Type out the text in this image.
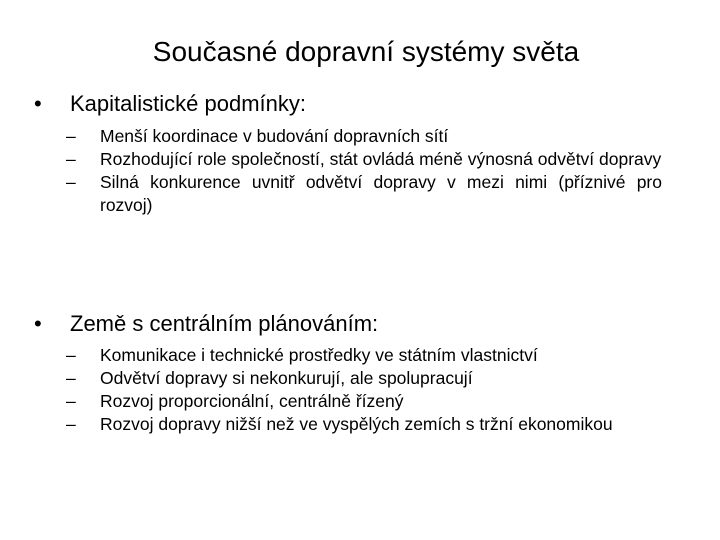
Současné dopravní systémy světa
•	Kapitalistické podmínky:
–	Menší koordinace v budování dopravních sítí
–	Rozhodující role společností, stát ovládá méně výnosná odvětví dopravy
–	Silná konkurence uvnitř odvětví dopravy v mezi nimi (příznivé pro rozvoj)
•	Země s centrálním plánováním:
–	Komunikace i technické prostředky ve státním vlastnictví
–	Odvětví dopravy si nekonkurují, ale spolupracují
–	Rozvoj proporcionální, centrálně řízený
–	Rozvoj dopravy nižší než ve vyspělých zemích s tržní ekonomikou
